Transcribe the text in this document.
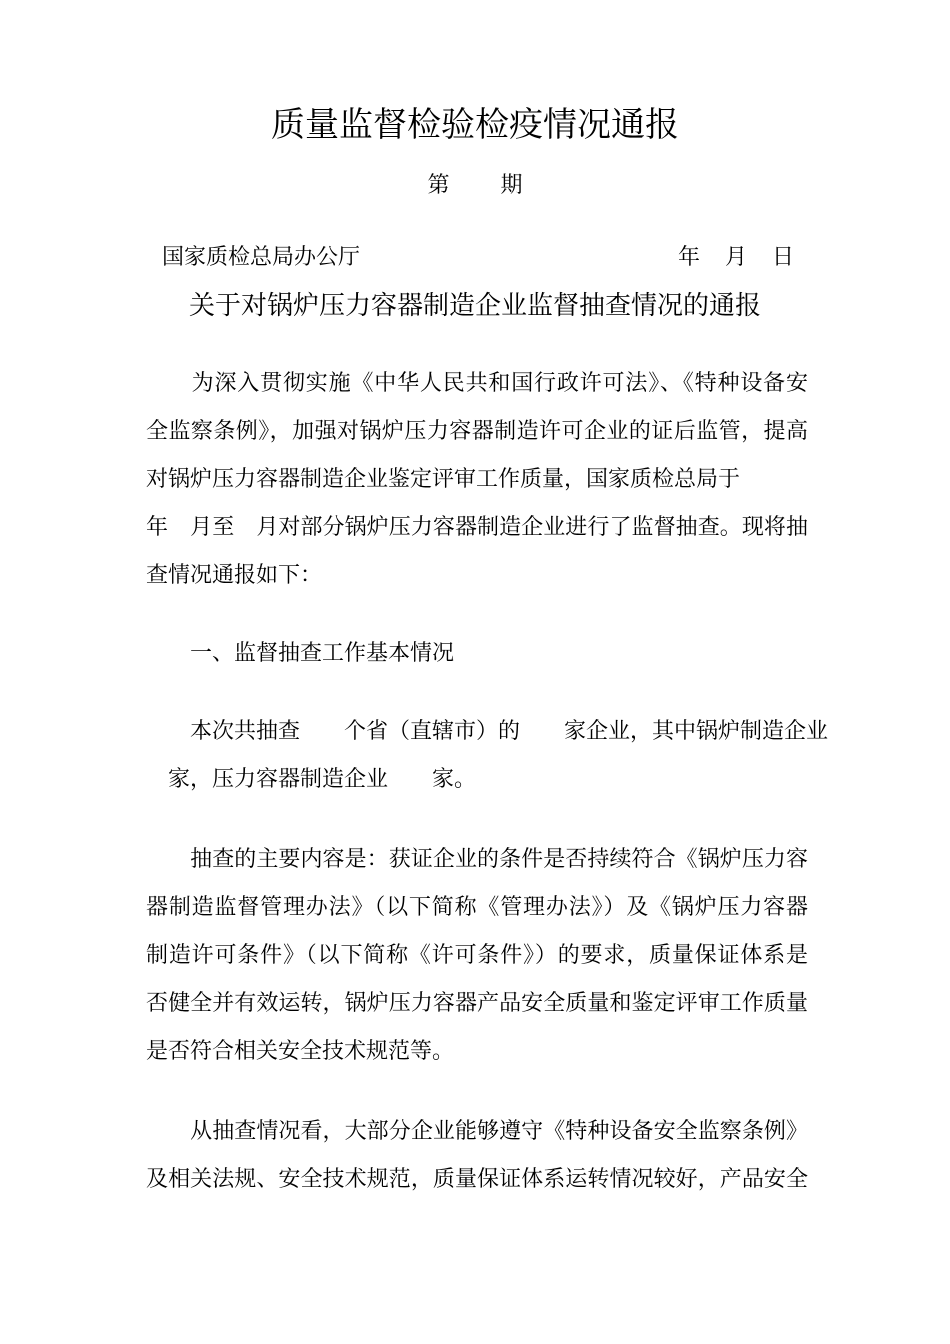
质量监督检验检疫情况通报
第 期
国家质检总局办公厅	年 月 日
关于对锅炉压力容器制造企业监督抽查情况的通报
　　为深入贯彻实施《中华人民共和国行政许可法》、《特种设备安
全监察条例》，加强对锅炉压力容器制造许可企业的证后监管，提高
对锅炉压力容器制造企业鉴定评审工作质量，国家质检总局于
年　月至　月对部分锅炉压力容器制造企业进行了监督抽查。现将抽
查情况通报如下：
　　一、监督抽查工作基本情况
　　本次共抽查　　个省（直辖市）的　　家企业，其中锅炉制造企业
　家，压力容器制造企业　　家。
　　抽查的主要内容是：获证企业的条件是否持续符合《锅炉压力容
器制造监督管理办法》（以下简称《管理办法》）及《锅炉压力容器
制造许可条件》（以下简称《许可条件》）的要求，质量保证体系是
否健全并有效运转，锅炉压力容器产品安全质量和鉴定评审工作质量
是否符合相关安全技术规范等。
　　从抽查情况看，大部分企业能够遵守《特种设备安全监察条例》
及相关法规、安全技术规范，质量保证体系运转情况较好，产品安全
